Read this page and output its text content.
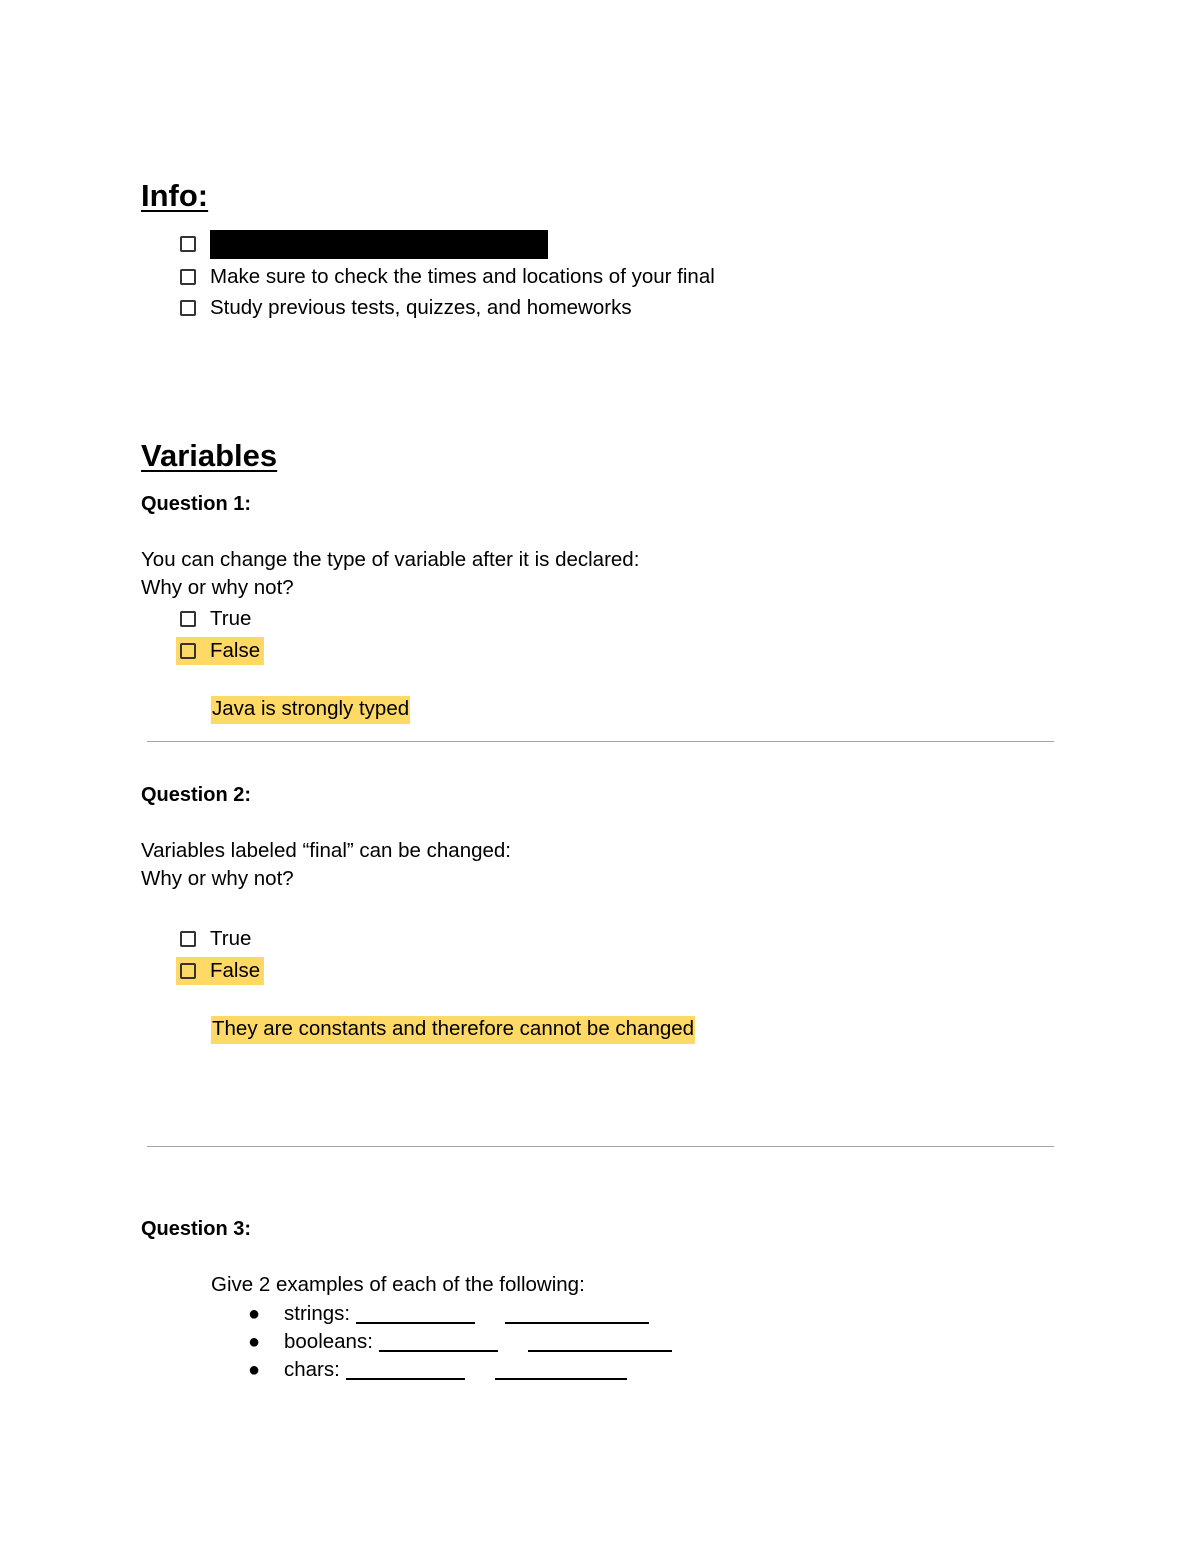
Info:
Make sure to check the times and locations of your final
Study previous tests, quizzes, and homeworks
Variables
Question 1:
You can change the type of variable after it is declared:
Why or why not?
True
False
Java is strongly typed
Question 2:
Variables labeled “final” can be changed:
Why or why not?
True
False
They are constants and therefore cannot be changed
Question 3:
Give 2 examples of each of the following:
●	strings:
●	booleans:
●	chars:
